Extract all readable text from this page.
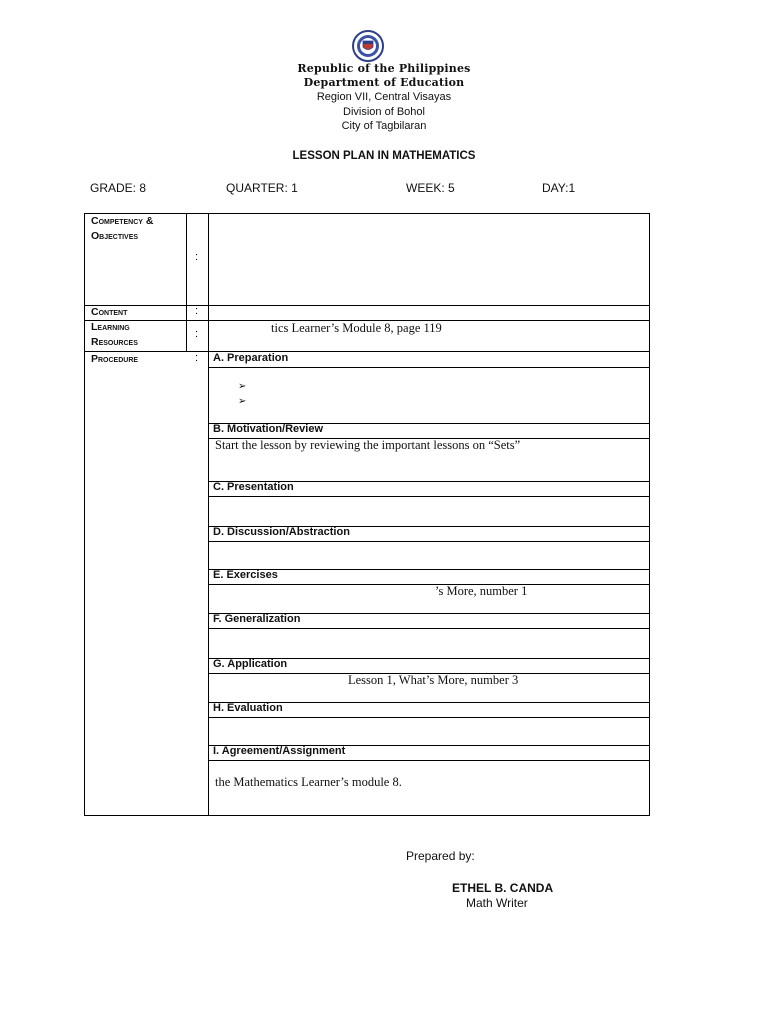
Republic of the Philippines
Department of Education
Region VII, Central Visayas
Division of Bohol
City of Tagbilaran
LESSON PLAN IN MATHEMATICS
GRADE: 8	QUARTER: 1	WEEK: 5	DAY:1
Competency &
Objectives
:
Content	:
Learning
Resources
:	tics Learner’s Module 8, page 119
Procedure	: A. Preparation
➢
➢
B. Motivation/Review
Start the lesson by reviewing the important lessons on “Sets”
C. Presentation
D. Discussion/Abstraction
E. Exercises
’s More, number 1
F. Generalization
G. Application
Lesson 1, What’s More, number 3
H. Evaluation
I. Agreement/Assignment
the Mathematics Learner’s module 8.
Prepared by:
ETHEL B. CANDA
Math Writer
